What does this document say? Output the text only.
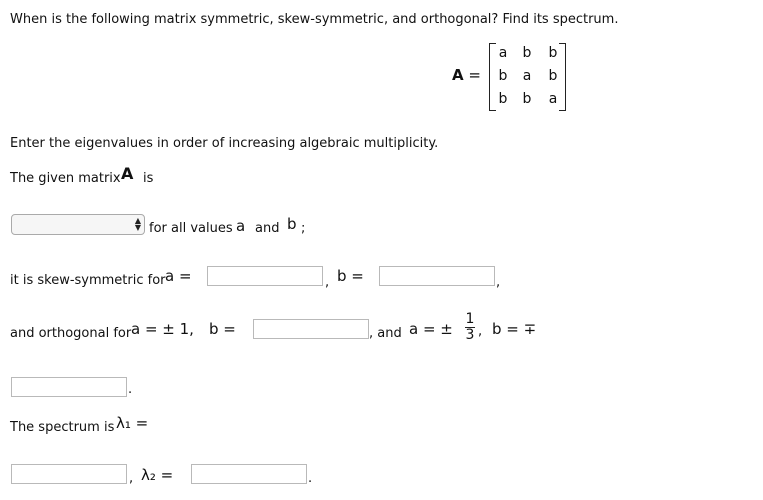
When is the following matrix symmetric, skew-symmetric, and orthogonal? Find its spectrum.
A =
a	b	b
b	a	b
b	b	a
Enter the eigenvalues in order of increasing algebraic multiplicity.
The given matrix A is
▲
▼ for all values a and b ;
it is skew-symmetric for a =	, b =	,
and orthogonal for a = ± 1,	, and a = ±
1
3 , b = ∓
.
The spectrum is λ₁ =
, λ₂ =	.
b =
